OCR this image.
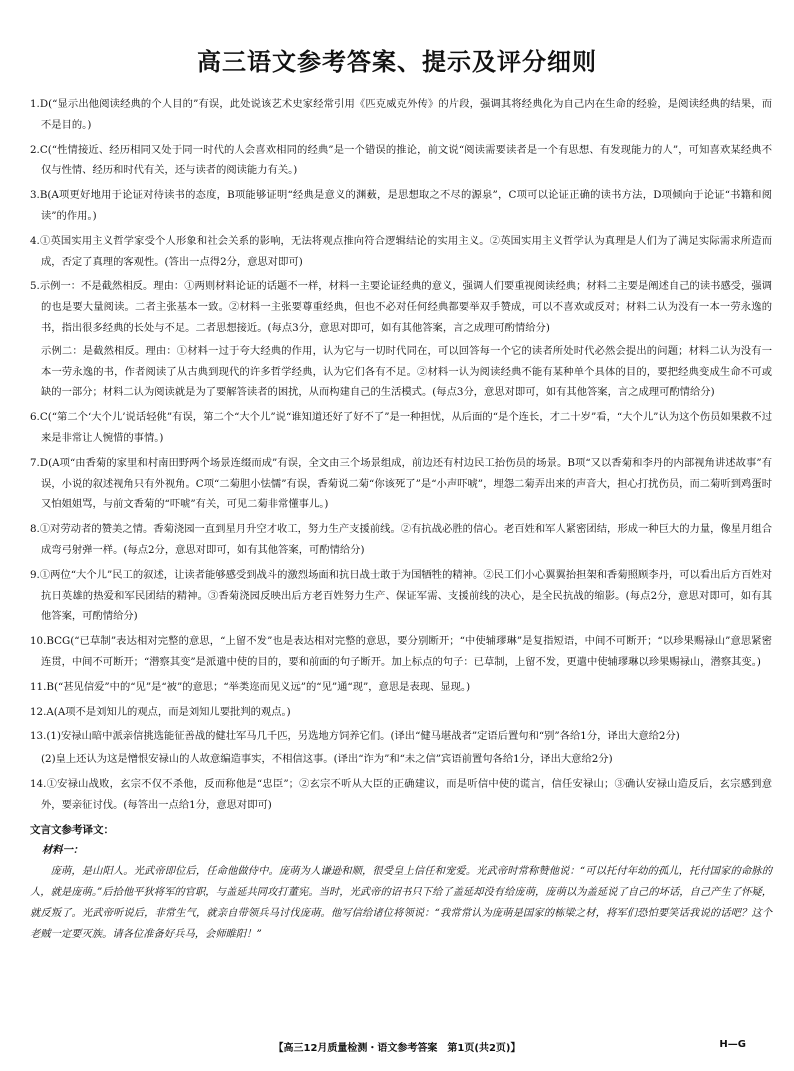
高三语文参考答案、提示及评分细则

1.D(“显示出他阅读经典的个人目的”有误，此处说该艺术史家经常引用《匹克威克外传》的片段，强调其将经典化为自己内在生命的经验，是阅读经典的结果，而不是目的。)

2.C(“性情接近、经历相同又处于同一时代的人会喜欢相同的经典”是一个错误的推论，前文说“阅读需要读者是一个有思想、有发现能力的人”，可知喜欢某经典不仅与性情、经历和时代有关，还与读者的阅读能力有关。)

3.B(A项更好地用于论证对待读书的态度，B项能够证明“经典是意义的渊薮，是思想取之不尽的源泉”，C项可以论证正确的读书方法，D项倾向于论证“书籍和阅读”的作用。)

4.①英国实用主义哲学家受个人形象和社会关系的影响，无法将观点推向符合逻辑结论的实用主义。②英国实用主义哲学认为真理是人们为了满足实际需求所造而成，否定了真理的客观性。(答出一点得2分，意思对即可)

5.示例一：不是截然相反。理由：①两则材料论证的话题不一样，材料一主要论证经典的意义，强调人们要重视阅读经典；材料二主要是阐述自己的读书感受，强调的也是要大量阅读。二者主张基本一致。②材料一主张要尊重经典，但也不必对任何经典都要举双手赞成，可以不喜欢或反对；材料二认为没有一本一劳永逸的书，指出很多经典的长处与不足。二者思想接近。(每点3分，意思对即可，如有其他答案，言之成理可酌情给分)

示例二：是截然相反。理由：①材料一过于夸大经典的作用，认为它与一切时代同在，可以回答每一个它的读者所处时代必然会提出的问题；材料二认为没有一本一劳永逸的书，作者阅读了从古典到现代的许多哲学经典，认为它们各有不足。②材料一认为阅读经典不能有某种单个具体的目的，要把经典变成生命不可或缺的一部分；材料二认为阅读就是为了要解答读者的困扰，从而构建自己的生活模式。(每点3分，意思对即可，如有其他答案，言之成理可酌情给分)

6.C(“第二个‘大个儿’说话轻佻”有误，第二个“大个儿”说“谁知道还好了好不了”是一种担忧，从后面的“是个连长，才二十岁”看，“大个儿”认为这个伤员如果救不过来是非常让人惋惜的事情。)

7.D(A项“由香菊的家里和村南田野两个场景连缀而成”有误，全文由三个场景组成，前边还有村边民工抬伤员的场景。B项“又以香菊和李丹的内部视角讲述故事”有误，小说的叙述视角只有外视角。C项“二菊胆小怯懦”有误，香菊说二菊“你该死了”是“小声吓唬”，埋怨二菊弄出来的声音大，担心打扰伤员，而二菊听到鸡蛋时又怕姐姐骂，与前文香菊的“吓唬”有关，可见二菊非常懂事儿。)

8.①对劳动者的赞美之情。香菊浇园一直到星月升空才收工，努力生产支援前线。②有抗战必胜的信心。老百姓和军人紧密团结，形成一种巨大的力量，像星月组合成弯弓射弹一样。(每点2分，意思对即可，如有其他答案，可酌情给分)

9.①两位“大个儿”民工的叙述，让读者能够感受到战斗的激烈场面和抗日战士敢于为国牺牲的精神。②民工们小心翼翼抬担架和香菊照顾李丹，可以看出后方百姓对抗日英雄的热爱和军民团结的精神。③香菊浇园反映出后方老百姓努力生产、保证军需、支援前线的决心，是全民抗战的缩影。(每点2分，意思对即可，如有其他答案，可酌情给分)

10.BCG(“已草制”表达相对完整的意思，“上留不发”也是表达相对完整的意思，要分别断开；“中使辅璆琳”是复指短语，中间不可断开；“以珍果赐禄山”意思紧密连贯，中间不可断开；“潜察其变”是派遣中使的目的，要和前面的句子断开。加上标点的句子：已草制，上留不发，更遣中使辅璆琳以珍果赐禄山，潜察其变。)

11.B(“甚见信爱”中的“见”是“被”的意思；“举类迩而见义远”的“见”通“现”，意思是表现、显现。)

12.A(A项不是刘知儿的观点，而是刘知儿要批判的观点。)

13.(1)安禄山暗中派亲信挑选能征善战的健壮军马几千匹，另选地方饲养它们。(译出“健马堪战者”定语后置句和“别”各给1分，译出大意给2分)

(2)皇上还认为这是憎恨安禄山的人故意编造事实，不相信这事。(译出“诈为”和“未之信”宾语前置句各给1分，译出大意给2分)

14.①安禄山战败，玄宗不仅不杀他，反而称他是“忠臣”；②玄宗不听从大臣的正确建议，而是听信中使的谎言，信任安禄山；③确认安禄山造反后，玄宗感到意外，要亲征讨伐。(每答出一点给1分，意思对即可)

文言文参考译文：

材料一：

庞萌，是山阳人。光武帝即位后，任命他做侍中。庞萌为人谦逊和顺，很受皇上信任和宠爱。光武帝时常称赞他说：“可以托付年幼的孤儿，托付国家的命脉的人，就是庞萌。”后拾他平狄将军的官职，与盖延共同攻打董宪。当时，光武帝的诏书只下给了盖延却没有给庞萌，庞萌以为盖延说了自己的坏话，自己产生了怀疑，就反叛了。光武帝听说后，非常生气，就亲自带领兵马讨伐庞萌。他写信给诸位将领说：“我常常认为庞萌是国家的栋梁之材，将军们恐怕要笑话我说的话吧？这个老贼一定要灭族。请各位准备好兵马，会师睢阳！”

【高三12月质量检测・语文参考答案　第1页(共2页)】	H—G
